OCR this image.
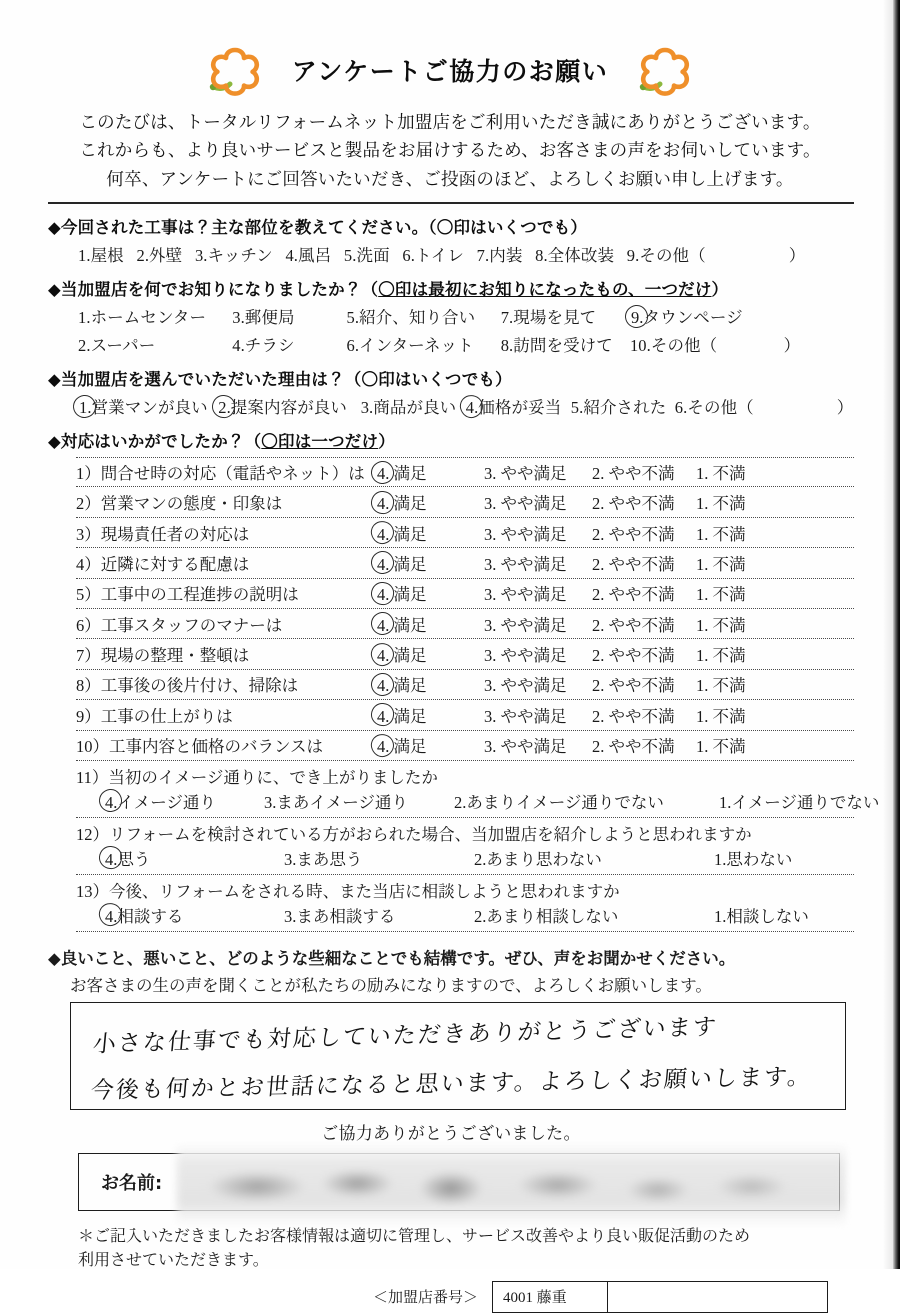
アンケートご協力のお願い
このたびは、トータルリフォームネット加盟店をご利用いただき誠にありがとうございます。
これからも、より良いサービスと製品をお届けするため、お客さまの声をお伺いしています。
何卒、アンケートにご回答いたいだき、ご投函のほど、よろしくお願い申し上げます。
◆今回された工事は？主な部位を教えてください。（〇印はいくつでも）
1.屋根 2.外壁 3.キッチン 4.風呂 5.洗面 6.トイレ 7.内装 8.全体改装 9.その他（　　　　　）
◆当加盟店を何でお知りになりましたか？（〇印は最初にお知りになったもの、一つだけ）
1.ホームセンター 3.郵便局	5.紹介、知り合い 7.現場を見て 9.タウンページ
2.スーパー	4.チラシ	6.インターネット 8.訪問を受けて 10.その他（　　　　）
◆当加盟店を選んでいただいた理由は？（〇印はいくつでも）
1.営業マンが良い 2.提案内容が良い 3.商品が良い 4.価格が妥当 5.紹介された 6.その他（　　　　　）
◆対応はいかがでしたか？（〇印は一つだけ）
1）問合せ時の対応（電話やネット）は 4. 満足	3. やや満足	2. やや不満	1. 不満
2）営業マンの態度・印象は	4. 満足	3. やや満足	2. やや不満	1. 不満
3）現場責任者の対応は	4. 満足	3. やや満足	2. やや不満	1. 不満
4）近隣に対する配慮は	4. 満足	3. やや満足	2. やや不満	1. 不満
5）工事中の工程進捗の説明は	4. 満足	3. やや満足	2. やや不満	1. 不満
6）工事スタッフのマナーは	4. 満足	3. やや満足	2. やや不満	1. 不満
7）現場の整理・整頓は	4. 満足	3. やや満足	2. やや不満	1. 不満
8）工事後の後片付け、掃除は	4. 満足	3. やや満足	2. やや不満	1. 不満
9）工事の仕上がりは	4. 満足	3. やや満足	2. やや不満	1. 不満
10）工事内容と価格のバランスは	4. 満足	3. やや満足	2. やや不満	1. 不満
11）当初のイメージ通りに、でき上がりましたか
4.イメージ通り	3.まあイメージ通り	2.あまりイメージ通りでない	1.イメージ通りでない
12）リフォームを検討されている方がおられた場合、当加盟店を紹介しようと思われますか
4.思う	3.まあ思う	2.あまり思わない	1.思わない
13）今後、リフォームをされる時、また当店に相談しようと思われますか
4.相談する	3.まあ相談する	2.あまり相談しない	1.相談しない
◆良いこと、悪いこと、どのような些細なことでも結構です。ぜひ、声をお聞かせください。
お客さまの生の声を聞くことが私たちの励みになりますので、よろしくお願いします。
小さな仕事でも対応していただきありがとうございます
今後も何かとお世話になると思います。よろしくお願いします。
ご協力ありがとうございました。
お名前:
＊ご記入いただきましたお客様情報は適切に管理し、サービス改善やより良い販促活動のため
利用させていただきます。
＜加盟店番号＞	4001 藤重
